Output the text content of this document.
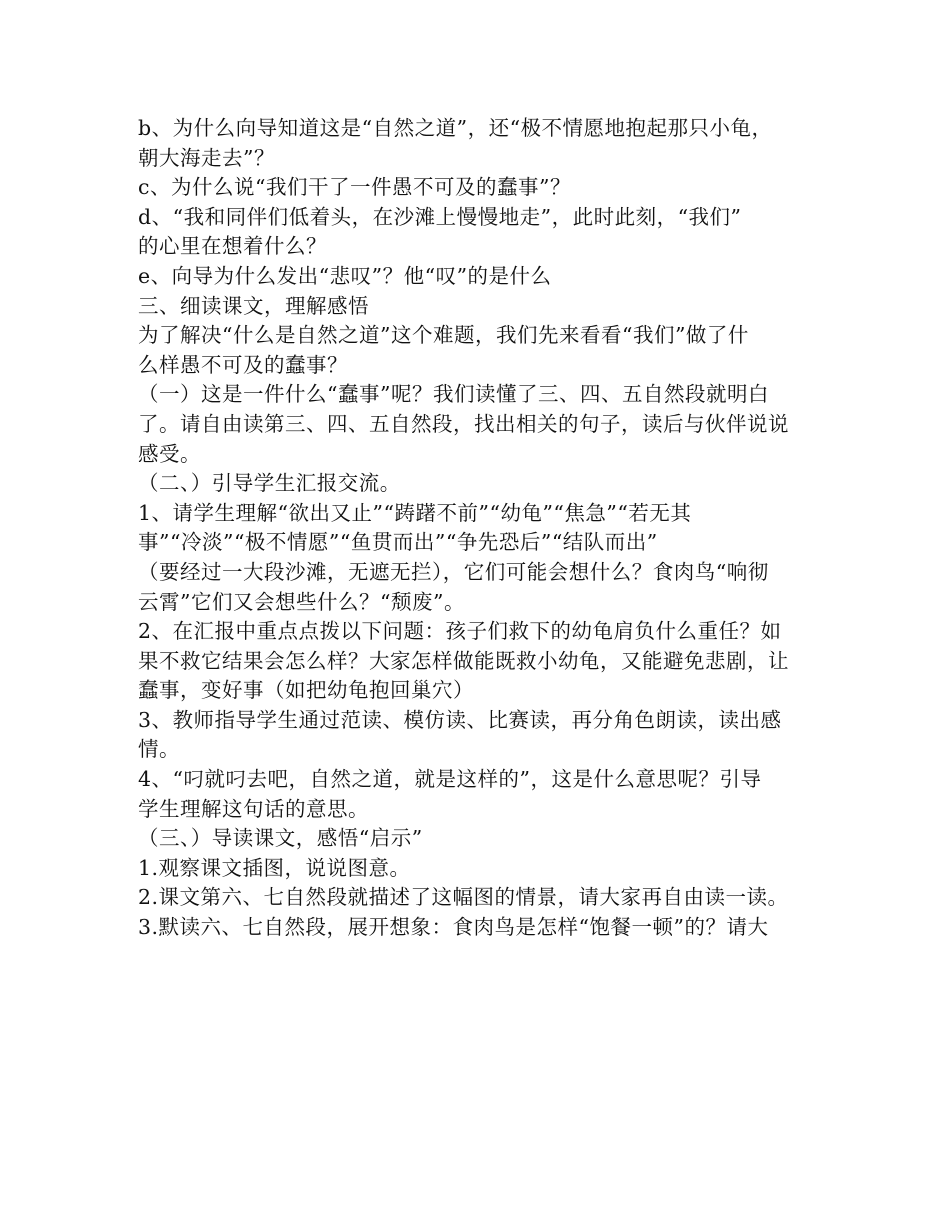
b、为什么向导知道这是“自然之道”，还“极不情愿地抱起那只小龟，
朝大海走去”？
c、为什么说“我们干了一件愚不可及的蠢事”？
d、“我和同伴们低着头，在沙滩上慢慢地走”，此时此刻，“我们”
的心里在想着什么？
e、向导为什么发出“悲叹”？他“叹”的是什么
三、细读课文，理解感悟
为了解决“什么是自然之道”这个难题，我们先来看看“我们”做了什
么样愚不可及的蠢事？
（一）这是一件什么“蠢事”呢？我们读懂了三、四、五自然段就明白
了。请自由读第三、四、五自然段，找出相关的句子，读后与伙伴说说
感受。
（二、）引导学生汇报交流。
1、请学生理解“欲出又止”“踌躇不前”“幼龟”“焦急”“若无其
事”“冷淡”“极不情愿”“鱼贯而出”“争先恐后”“结队而出”
（要经过一大段沙滩，无遮无拦），它们可能会想什么？食肉鸟“响彻
云霄”它们又会想些什么？“颓废”。
2、在汇报中重点点拨以下问题：孩子们救下的幼龟肩负什么重任？如
果不救它结果会怎么样？大家怎样做能既救小幼龟，又能避免悲剧，让
蠢事，变好事（如把幼龟抱回巢穴）
3、教师指导学生通过范读、模仿读、比赛读，再分角色朗读，读出感
情。
4、“叼就叼去吧，自然之道，就是这样的”，这是什么意思呢？引导
学生理解这句话的意思。
（三、）导读课文，感悟“启示”
1.观察课文插图，说说图意。
2.课文第六、七自然段就描述了这幅图的情景，请大家再自由读一读。
3.默读六、七自然段，展开想象：食肉鸟是怎样“饱餐一顿”的？请大
